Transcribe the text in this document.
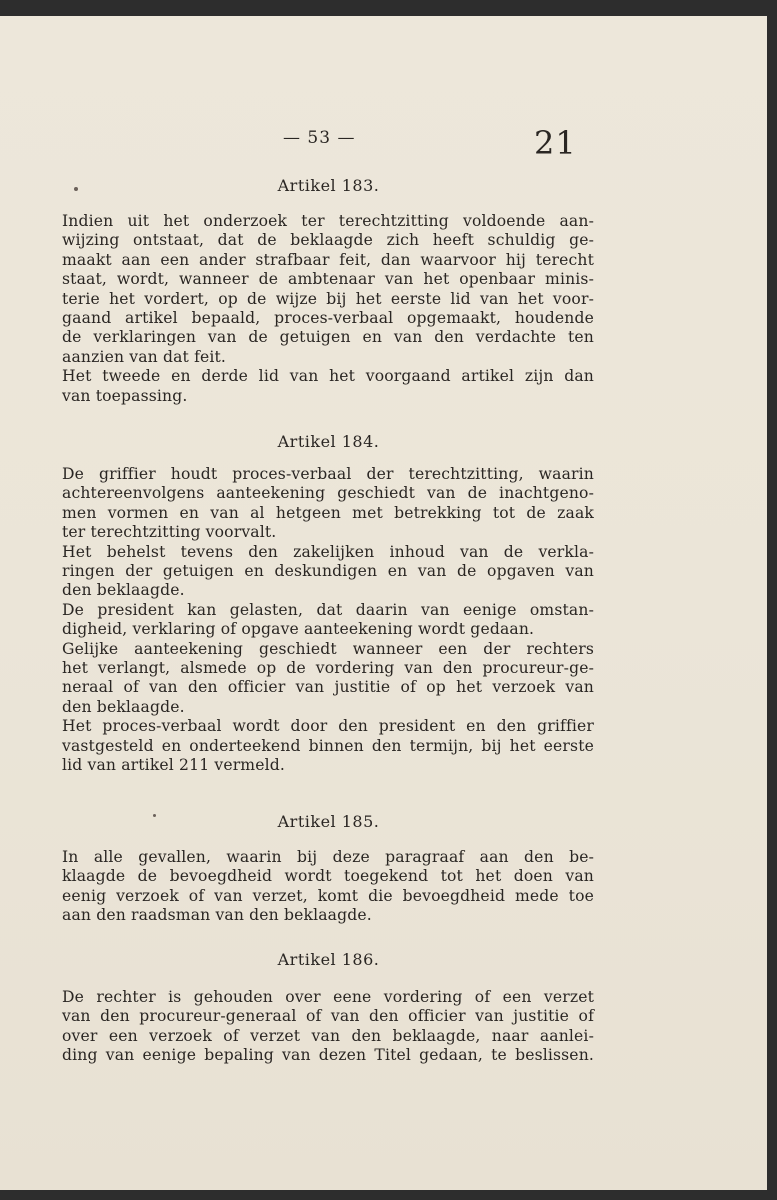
— 53 —	21
Artikel 183.
Indien uit het onderzoek ter terechtzitting voldoende aan-
wijzing ontstaat, dat de beklaagde zich heeft schuldig ge-
maakt aan een ander strafbaar feit, dan waarvoor hij terecht
staat, wordt, wanneer de ambtenaar van het openbaar minis-
terie het vordert, op de wijze bij het eerste lid van het voor-
gaand artikel bepaald, proces-verbaal opgemaakt, houdende
de verklaringen van de getuigen en van den verdachte ten
aanzien van dat feit.
Het tweede en derde lid van het voorgaand artikel zijn dan
van toepassing.
Artikel 184.
De griffier houdt proces-verbaal der terechtzitting, waarin
achtereenvolgens aanteekening geschiedt van de inachtgeno-
men vormen en van al hetgeen met betrekking tot de zaak
ter terechtzitting voorvalt.
Het behelst tevens den zakelijken inhoud van de verkla-
ringen der getuigen en deskundigen en van de opgaven van
den beklaagde.
De president kan gelasten, dat daarin van eenige omstan-
digheid, verklaring of opgave aanteekening wordt gedaan.
Gelijke aanteekening geschiedt wanneer een der rechters
het verlangt, alsmede op de vordering van den procureur-ge-
neraal of van den officier van justitie of op het verzoek van
den beklaagde.
Het proces-verbaal wordt door den president en den griffier
vastgesteld en onderteekend binnen den termijn, bij het eerste
lid van artikel 211 vermeld.
Artikel 185.
In alle gevallen, waarin bij deze paragraaf aan den be-
klaagde de bevoegdheid wordt toegekend tot het doen van
eenig verzoek of van verzet, komt die bevoegdheid mede toe
aan den raadsman van den beklaagde.
Artikel 186.
De rechter is gehouden over eene vordering of een verzet
van den procureur-generaal of van den officier van justitie of
over een verzoek of verzet van den beklaagde, naar aanlei-
ding van eenige bepaling van dezen Titel gedaan, te beslissen.
